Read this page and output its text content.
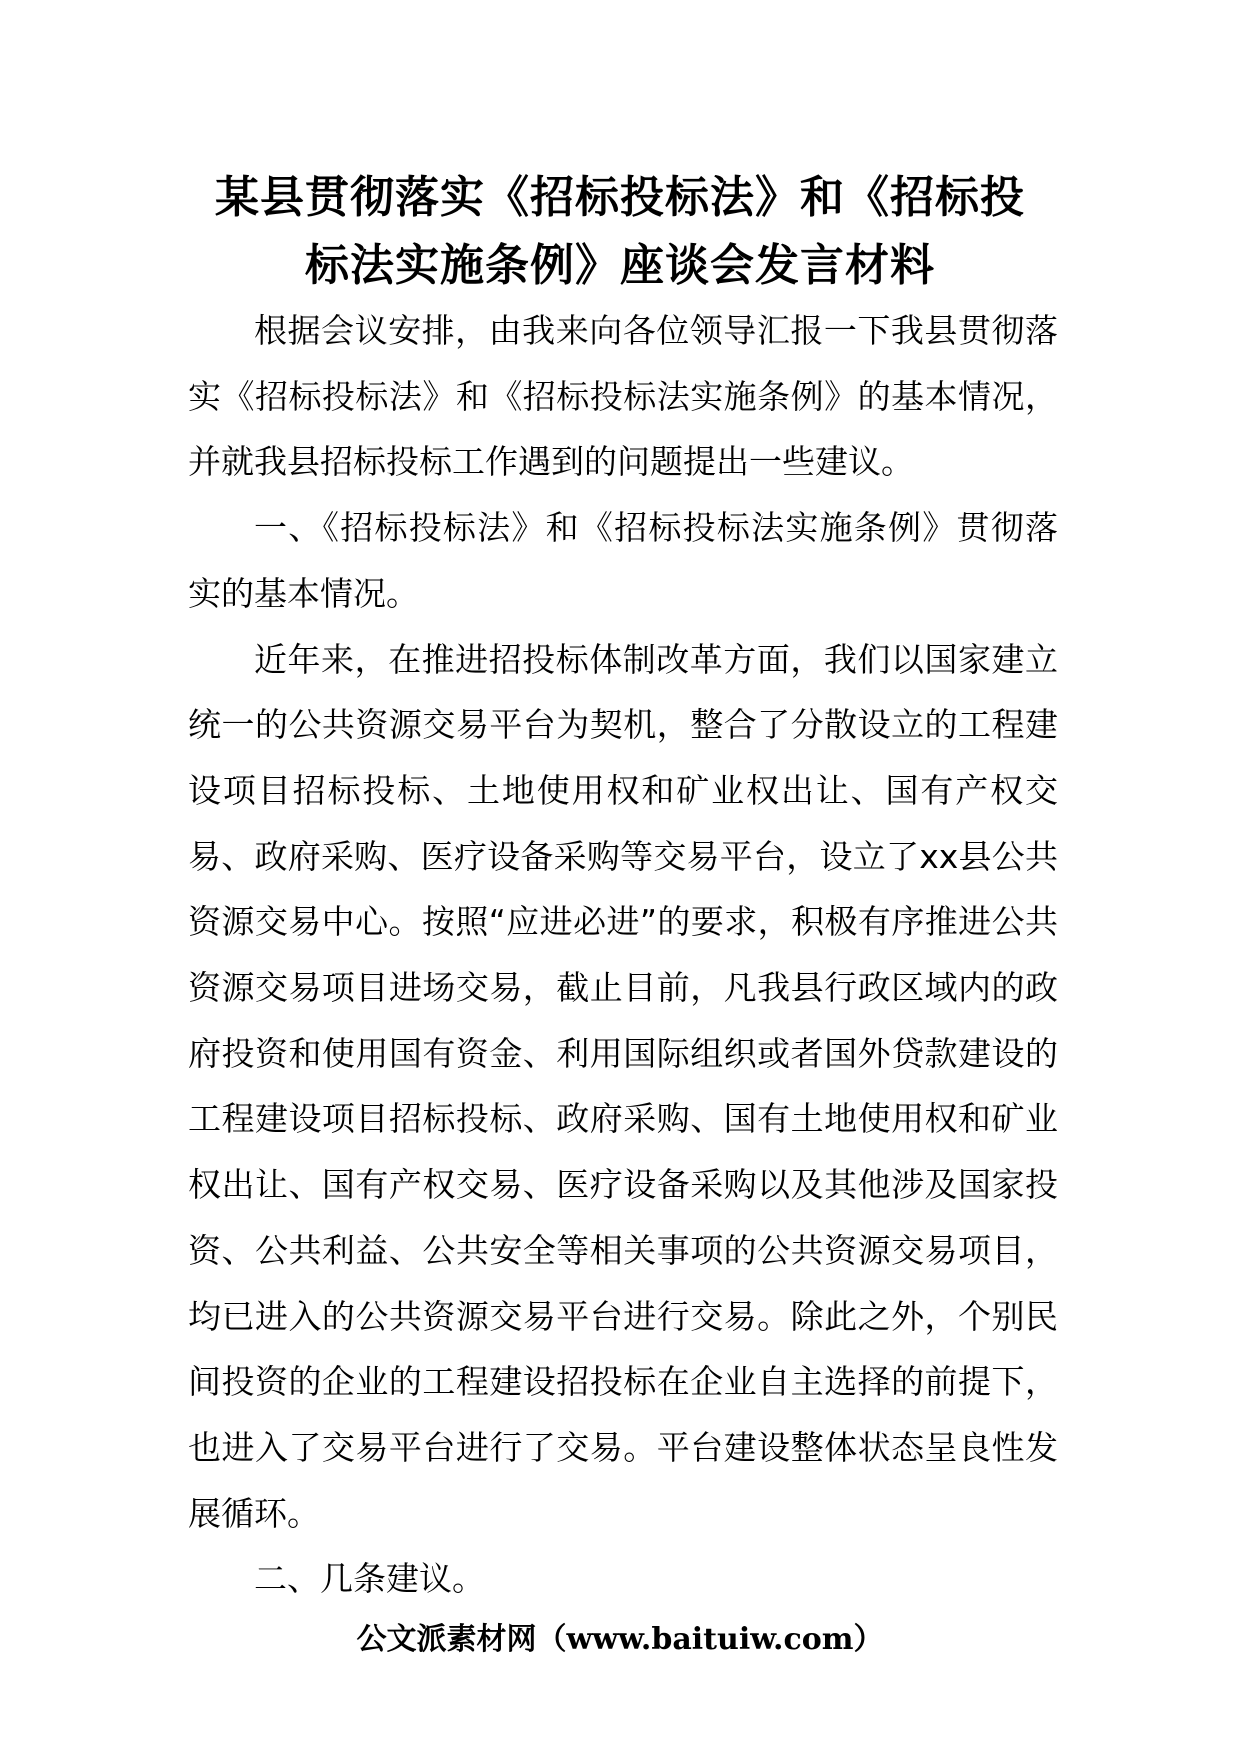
某县贯彻落实《招标投标法》和《招标投
标法实施条例》座谈会发言材料

根据会议安排，由我来向各位领导汇报一下我县贯彻落实《招标投标法》和《招标投标法实施条例》的基本情况，并就我县招标投标工作遇到的问题提出一些建议。

一、《招标投标法》和《招标投标法实施条例》贯彻落实的基本情况。

近年来，在推进招投标体制改革方面，我们以国家建立统一的公共资源交易平台为契机，整合了分散设立的工程建设项目招标投标、土地使用权和矿业权出让、国有产权交易、政府采购、医疗设备采购等交易平台，设立了xx县公共资源交易中心。按照“应进必进”的要求，积极有序推进公共资源交易项目进场交易，截止目前，凡我县行政区域内的政府投资和使用国有资金、利用国际组织或者国外贷款建设的工程建设项目招标投标、政府采购、国有土地使用权和矿业权出让、国有产权交易、医疗设备采购以及其他涉及国家投资、公共利益、公共安全等相关事项的公共资源交易项目，均已进入的公共资源交易平台进行交易。除此之外，个别民间投资的企业的工程建设招投标在企业自主选择的前提下，也进入了交易平台进行了交易。平台建设整体状态呈良性发展循环。

二、几条建议。

公文派素材网（www.baituiw.com）
